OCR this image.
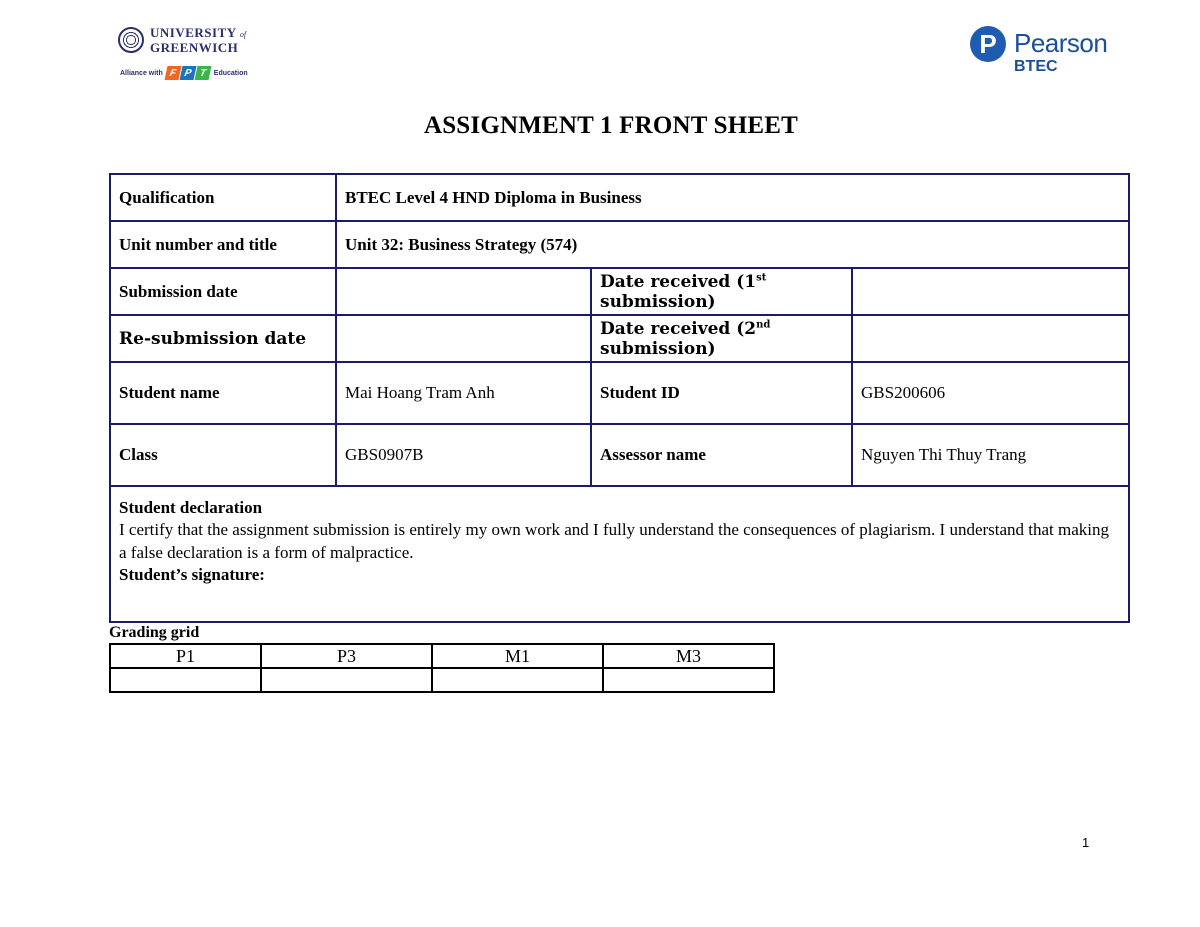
UNIVERSITY of
GREENWICH
Alliance with F P T Education
P Pearson
BTEC
ASSIGNMENT 1 FRONT SHEET
Qualification	BTEC Level 4 HND Diploma in Business		
Unit number and title	Unit 32: Business Strategy (574)		
Submission date		Date received (1st submission)	
Re-submission date		Date received (2nd submission)	
Student name	Mai Hoang Tram Anh	Student ID	GBS200606
Class	GBS0907B	Assessor name	Nguyen Thi Thuy Trang

Student declaration
I certify that the assignment submission is entirely my own work and I fully understand the consequences of plagiarism. I understand that making a false declaration is a form of malpractice.
Student’s signature:			
Grading grid
P1	P3	M1	M3

1
